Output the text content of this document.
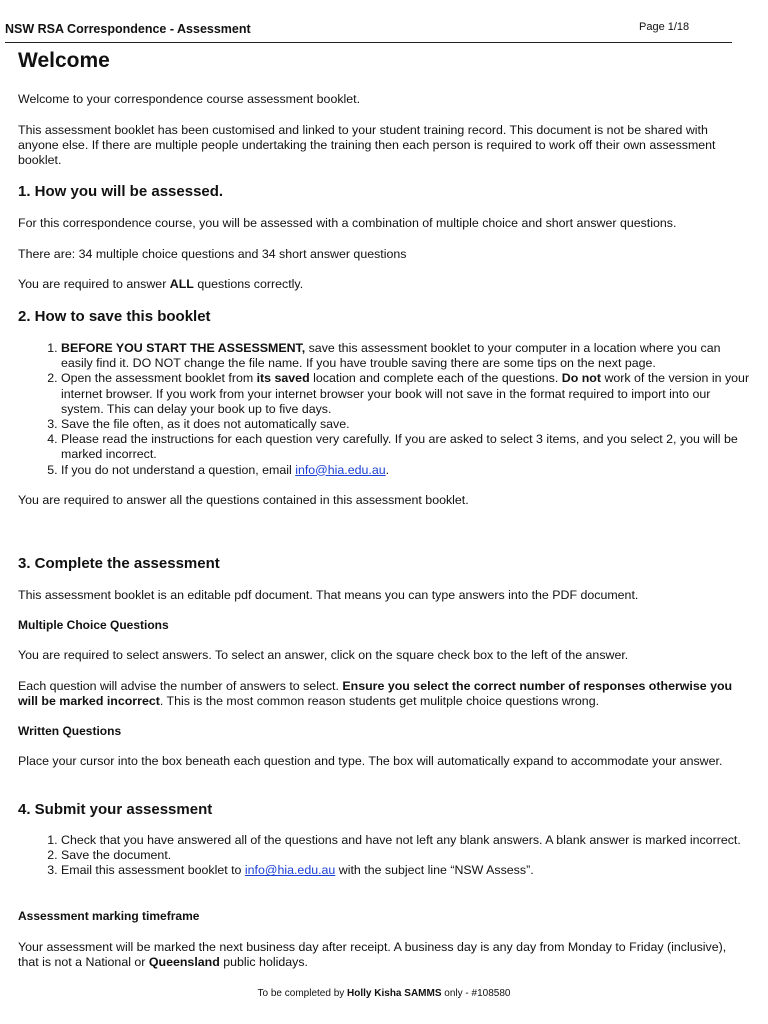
NSW RSA Correspondence - Assessment	Page 1/18
Welcome

Welcome to your correspondence course assessment booklet.

This assessment booklet has been customised and linked to your student training record. This document is not be shared with anyone else. If there are multiple people undertaking the training then each person is required to work off their own assessment booklet.

1. How you will be assessed.

For this correspondence course, you will be assessed with a combination of multiple choice and short answer questions.

There are: 34 multiple choice questions and 34 short answer questions

You are required to answer ALL questions correctly.

2. How to save this booklet
1. BEFORE YOU START THE ASSESSMENT, save this assessment booklet to your computer in a location where you can easily find it. DO NOT change the file name. If you have trouble saving there are some tips on the next page.
2. Open the assessment booklet from its saved location and complete each of the questions. Do not work of the version in your internet browser. If you work from your internet browser your book will not save in the format required to import into our system. This can delay your book up to five days.
3. Save the file often, as it does not automatically save.
4. Please read the instructions for each question very carefully. If you are asked to select 3 items, and you select 2, you will be marked incorrect.
5. If you do not understand a question, email info@hia.edu.au.

You are required to answer all the questions contained in this assessment booklet.

3. Complete the assessment

This assessment booklet is an editable pdf document. That means you can type answers into the PDF document.

Multiple Choice Questions

You are required to select answers. To select an answer, click on the square check box to the left of the answer.

Each question will advise the number of answers to select. Ensure you select the correct number of responses otherwise you will be marked incorrect. This is the most common reason students get mulitple choice questions wrong.

Written Questions

Place your cursor into the box beneath each question and type. The box will automatically expand to accommodate your answer.

4. Submit your assessment
1. Check that you have answered all of the questions and have not left any blank answers. A blank answer is marked incorrect.
2. Save the document.
3. Email this assessment booklet to info@hia.edu.au with the subject line “NSW Assess”.
Assessment marking timeframe

Your assessment will be marked the next business day after receipt. A business day is any day from Monday to Friday (inclusive), that is not a National or Queensland public holidays.

To be completed by Holly Kisha SAMMS only - #108580
